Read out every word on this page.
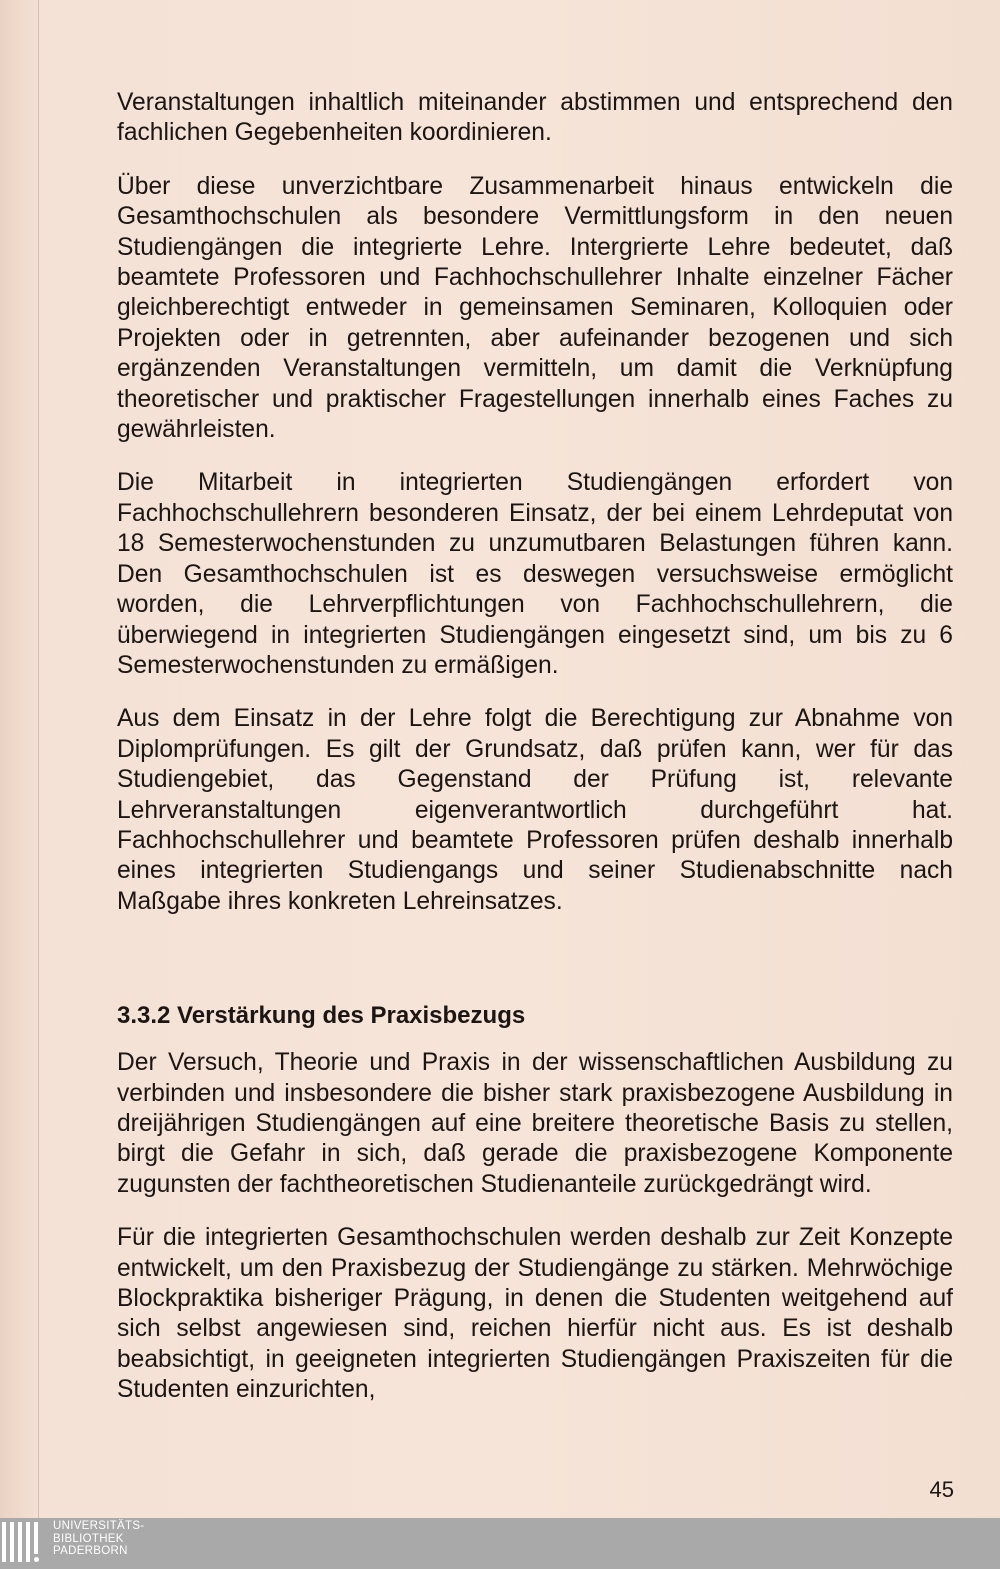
Veranstaltungen inhaltlich miteinander abstimmen und entsprechend den fachlichen Gegebenheiten koordinieren.

Über diese unverzichtbare Zusammenarbeit hinaus entwickeln die Gesamthochschulen als besondere Vermittlungsform in den neuen Studiengängen die integrierte Lehre. Intergrierte Lehre bedeutet, daß beamtete Professoren und Fachhochschullehrer Inhalte einzelner Fächer gleichberechtigt entweder in gemeinsamen Seminaren, Kolloquien oder Projekten oder in getrennten, aber aufeinander bezogenen und sich ergänzenden Veranstaltungen vermitteln, um damit die Verknüpfung theoretischer und praktischer Fragestellungen innerhalb eines Faches zu gewährleisten.

Die Mitarbeit in integrierten Studiengängen erfordert von Fachhochschullehrern besonderen Einsatz, der bei einem Lehrdeputat von 18 Semesterwochenstunden zu unzumutbaren Belastungen führen kann. Den Gesamthochschulen ist es deswegen versuchsweise ermöglicht worden, die Lehrverpflichtungen von Fachhochschullehrern, die überwiegend in integrierten Studiengängen eingesetzt sind, um bis zu 6 Semesterwochenstunden zu ermäßigen.

Aus dem Einsatz in der Lehre folgt die Berechtigung zur Abnahme von Diplomprüfungen. Es gilt der Grundsatz, daß prüfen kann, wer für das Studiengebiet, das Gegenstand der Prüfung ist, relevante Lehrveranstaltungen eigenverantwortlich durchgeführt hat. Fachhochschullehrer und beamtete Professoren prüfen deshalb innerhalb eines integrierten Studiengangs und seiner Studienabschnitte nach Maßgabe ihres konkreten Lehreinsatzes.

3.3.2 Verstärkung des Praxisbezugs

Der Versuch, Theorie und Praxis in der wissenschaftlichen Ausbildung zu verbinden und insbesondere die bisher stark praxisbezogene Ausbildung in dreijährigen Studiengängen auf eine breitere theoretische Basis zu stellen, birgt die Gefahr in sich, daß gerade die praxisbezogene Komponente zugunsten der fachtheoretischen Studienanteile zurückgedrängt wird.

Für die integrierten Gesamthochschulen werden deshalb zur Zeit Konzepte entwickelt, um den Praxisbezug der Studiengänge zu stärken. Mehrwöchige Blockpraktika bisheriger Prägung, in denen die Studenten weitgehend auf sich selbst angewiesen sind, reichen hierfür nicht aus. Es ist deshalb beabsichtigt, in geeigneten integrierten Studiengängen Praxiszeiten für die Studenten einzurichten,

45

UNIVERSITÄTS-
BIBLIOTHEK
PADERBORN
